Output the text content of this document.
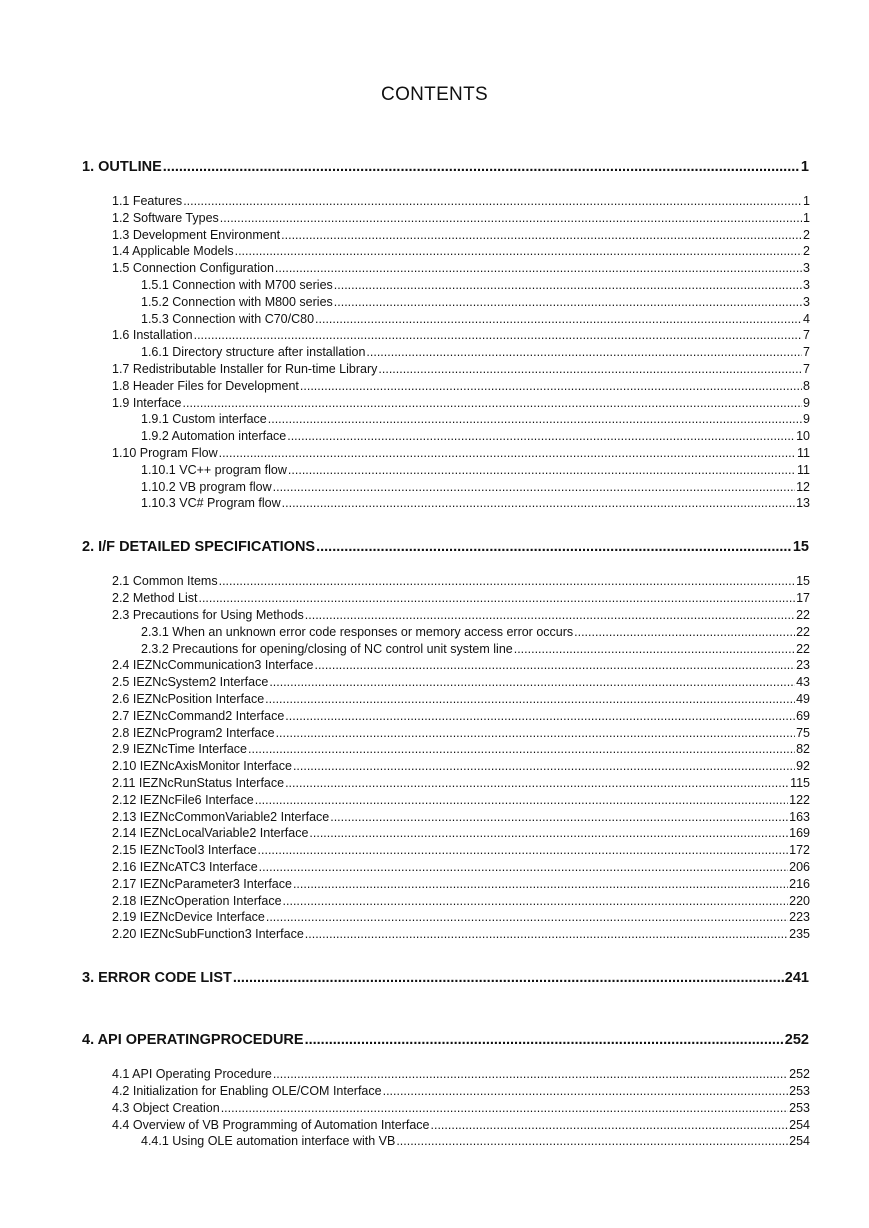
CONTENTS
1. OUTLINE .....	1
1.1 Features .....	1
1.2 Software Types .....	1
1.3 Development Environment .....	2
1.4 Applicable Models .....	2
1.5 Connection Configuration .....	3
1.5.1 Connection with M700 series .....	3
1.5.2 Connection with M800 series .....	3
1.5.3 Connection with C70/C80 .....	4
1.6 Installation .....	7
1.6.1 Directory structure after installation .....	7
1.7 Redistributable Installer for Run-time Library .....	7
1.8 Header Files for Development .....	8
1.9 Interface .....	9
1.9.1 Custom interface .....	9
1.9.2 Automation interface .....	10
1.10 Program Flow .....	11
1.10.1 VC++ program flow .....	11
1.10.2 VB program flow .....	12
1.10.3 VC# Program flow .....	13
2. I/F DETAILED SPECIFICATIONS .....	15
2.1 Common Items .....	15
2.2 Method List .....	17
2.3 Precautions for Using Methods .....	22
2.3.1 When an unknown error code responses or memory access error occurs .....	22
2.3.2 Precautions for opening/closing of NC control unit system line .....	22
2.4 IEZNcCommunication3 Interface .....	23
2.5 IEZNcSystem2 Interface .....	43
2.6 IEZNcPosition Interface .....	49
2.7 IEZNcCommand2 Interface .....	69
2.8 IEZNcProgram2 Interface .....	75
2.9 IEZNcTime Interface .....	82
2.10 IEZNcAxisMonitor Interface .....	92
2.11 IEZNcRunStatus Interface .....	115
2.12 IEZNcFile6 Interface .....	122
2.13 IEZNcCommonVariable2 Interface .....	163
2.14 IEZNcLocalVariable2 Interface .....	169
2.15 IEZNcTool3 Interface .....	172
2.16 IEZNcATC3 Interface .....	206
2.17 IEZNcParameter3 Interface .....	216
2.18 IEZNcOperation Interface .....	220
2.19 IEZNcDevice Interface .....	223
2.20 IEZNcSubFunction3 Interface .....	235
3. ERROR CODE LIST .....	241
4. API OPERATINGPROCEDURE .....	252
4.1 API Operating Procedure .....	252
4.2 Initialization for Enabling OLE/COM Interface .....	253
4.3 Object Creation .....	253
4.4 Overview of VB Programming of Automation Interface .....	254
4.4.1 Using OLE automation interface with VB .....	254
